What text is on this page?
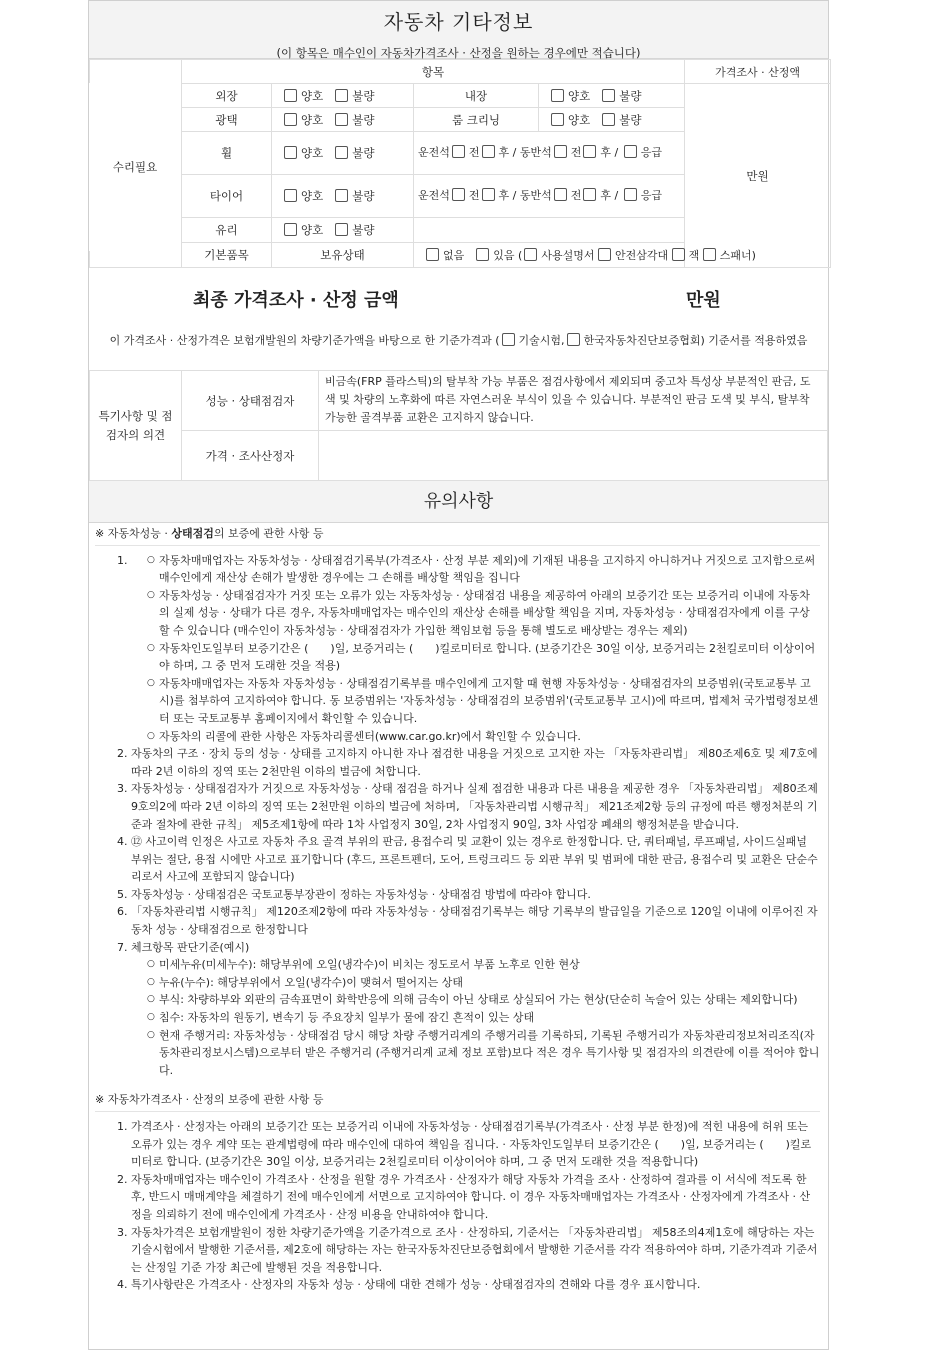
자동차 기타정보
(이 항목은 매수인이 자동차가격조사 · 산정을 원하는 경우에만 적습니다)
	항목				가격조사 · 산정액
	외장	양호 불량	내장	양호 불량	만원
	광택	양호 불량	룸 크리닝	양호 불량	
	휠	양호 불량	운전석 전 후 / 동반석 전 후 / 응급		
	타이어	양호 불량	운전석 전 후 / 동반석 전 후 / 응급		
	유리	양호 불량			
	기본품목	보유상태	없음 있음 ( 사용설명서 안전삼각대 잭 스패너)		
수리필요
최종 가격조사 · 산정 금액	만원
이 가격조사 · 산정가격은 보험개발원의 차량기준가액을 바탕으로 한 기준가격과 ( 기술시험, 한국자동차진단보증협회) 기준서를 적용하였음
특기사항 및 점검자의 의견	성능 · 상태점검자	비금속(FRP 플라스틱)의 탈부착 가능 부품은 점검사항에서 제외되며 중고차 특성상 부분적인 판금, 도색 및 차량의 노후화에 따른 자연스러운 부식이 있을 수 있습니다. 부분적인 판금 도색 및 부식, 탈부착 가능한 골격부품 교환은 고지하지 않습니다.
	가격 · 조사산정자	
유의사항
※ 자동차성능 · 상태점검의 보증에 관한 사항 등
○ 1. 자동차매매업자는 자동차성능 · 상태점검기록부(가격조사 · 산정 부분 제외)에 기재된 내용을 고지하지 아니하거나 거짓으로 고지함으로써 매수인에게 재산상 손해가 발생한 경우에는 그 손해를 배상할 책임을 집니다
○ 자동차성능 · 상태점검자가 거짓 또는 오류가 있는 자동차성능 · 상태점검 내용을 제공하여 아래의 보증기간 또는 보증거리 이내에 자동차의 실제 성능 · 상태가 다른 경우, 자동차매매업자는 매수인의 재산상 손해를 배상할 책임을 지며, 자동차성능 · 상태점검자에게 이를 구상할 수 있습니다 (매수인이 자동차성능 · 상태점검자가 가입한 책임보험 등을 통해 별도로 배상받는 경우는 제외)
○ 자동차인도일부터 보증기간은 (　　)일, 보증거리는 (　　)킬로미터로 합니다. (보증기간은 30일 이상, 보증거리는 2천킬로미터 이상이어야 하며, 그 중 먼저 도래한 것을 적용)
○ 자동차매매업자는 자동차 자동차성능 · 상태점검기록부를 매수인에게 고지할 때 현행 자동차성능 · 상태점검자의 보증범위(국토교통부 고시)를 첨부하여 고지하여야 합니다. 동 보증범위는 '자동차성능 · 상태점검의 보증범위'(국토교통부 고시)에 따르며, 법제처 국가법령정보센터 또는 국토교통부 홈페이지에서 확인할 수 있습니다.
○ 자동차의 리콜에 관한 사항은 자동차리콜센터(www.car.go.kr)에서 확인할 수 있습니다.
2. 자동차의 구조 · 장치 등의 성능 · 상태를 고지하지 아니한 자나 점검한 내용을 거짓으로 고지한 자는 「자동차관리법」 제80조제6호 및 제7호에 따라 2년 이하의 징역 또는 2천만원 이하의 벌금에 처합니다.
3. 자동차성능 · 상태점검자가 거짓으로 자동차성능 · 상태 점검을 하거나 실제 점검한 내용과 다른 내용을 제공한 경우 「자동차관리법」 제80조제9호의2에 따라 2년 이하의 징역 또는 2천만원 이하의 벌금에 처하며, 「자동차관리법 시행규칙」 제21조제2항 등의 규정에 따른 행정처분의 기준과 절차에 관한 규칙」 제5조제1항에 따라 1차 사업정지 30일, 2차 사업정지 90일, 3차 사업장 폐쇄의 행정처분을 받습니다.
4. ⑫ 사고이력 인정은 사고로 자동차 주요 골격 부위의 판금, 용접수리 및 교환이 있는 경우로 한정합니다. 단, 쿼터패널, 루프패널, 사이드실패널 부위는 절단, 용접 시에만 사고로 표기합니다 (후드, 프론트펜더, 도어, 트렁크리드 등 외판 부위 및 범퍼에 대한 판금, 용접수리 및 교환은 단순수리로서 사고에 포함되지 않습니다)
5. 자동차성능 · 상태점검은 국토교통부장관이 정하는 자동차성능 · 상태점검 방법에 따라야 합니다.
6. 「자동차관리법 시행규칙」 제120조제2항에 따라 자동차성능 · 상태점검기록부는 해당 기록부의 발급일을 기준으로 120일 이내에 이루어진 자동차 성능 · 상태점검으로 한정합니다
7. 체크항목 판단기준(예시)
○ 미세누유(미세누수): 해당부위에 오일(냉각수)이 비치는 정도로서 부품 노후로 인한 현상
○ 누유(누수): 해당부위에서 오일(냉각수)이 맺혀서 떨어지는 상태
○ 부식: 차량하부와 외판의 금속표면이 화학반응에 의해 금속이 아닌 상태로 상실되어 가는 현상(단순히 녹슬어 있는 상태는 제외합니다)
○ 침수: 자동차의 원동기, 변속기 등 주요장치 일부가 물에 잠긴 흔적이 있는 상태
○ 현재 주행거리: 자동차성능 · 상태점검 당시 해당 차량 주행거리계의 주행거리를 기록하되, 기록된 주행거리가 자동차관리정보처리조직(자동차관리정보시스템)으로부터 받은 주행거리 (주행거리계 교체 정보 포함)보다 적은 경우 특기사항 및 점검자의 의견란에 이를 적어야 합니다.
※ 자동차가격조사 · 산정의 보증에 관한 사항 등
1. 가격조사 · 산정자는 아래의 보증기간 또는 보증거리 이내에 자동차성능 · 상태점검기록부(가격조사 · 산정 부분 한정)에 적힌 내용에 허위 또는 오류가 있는 경우 계약 또는 관계법령에 따라 매수인에 대하여 책임을 집니다. · 자동차인도일부터 보증기간은 (　　)일, 보증거리는 (　　)킬로미터로 합니다. (보증기간은 30일 이상, 보증거리는 2천킬로미터 이상이어야 하며, 그 중 먼저 도래한 것을 적용합니다)
2. 자동차매매업자는 매수인이 가격조사 · 산정을 원할 경우 가격조사 · 산정자가 해당 자동차 가격을 조사 · 산정하여 결과를 이 서식에 적도록 한 후, 반드시 매매계약을 체결하기 전에 매수인에게 서면으로 고지하여야 합니다. 이 경우 자동차매매업자는 가격조사 · 산정자에게 가격조사 · 산정을 의뢰하기 전에 매수인에게 가격조사 · 산정 비용을 안내하여야 합니다.
3. 자동차가격은 보험개발원이 정한 차량기준가액을 기준가격으로 조사 · 산정하되, 기준서는 「자동차관리법」 제58조의4제1호에 해당하는 자는 기술시험에서 발행한 기준서를, 제2호에 해당하는 자는 한국자동차진단보증협회에서 발행한 기준서를 각각 적용하여야 하며, 기준가격과 기준서는 산정일 기준 가장 최근에 발행된 것을 적용합니다.
4. 특기사항란은 가격조사 · 산정자의 자동차 성능 · 상태에 대한 견해가 성능 · 상태점검자의 견해와 다를 경우 표시합니다.
